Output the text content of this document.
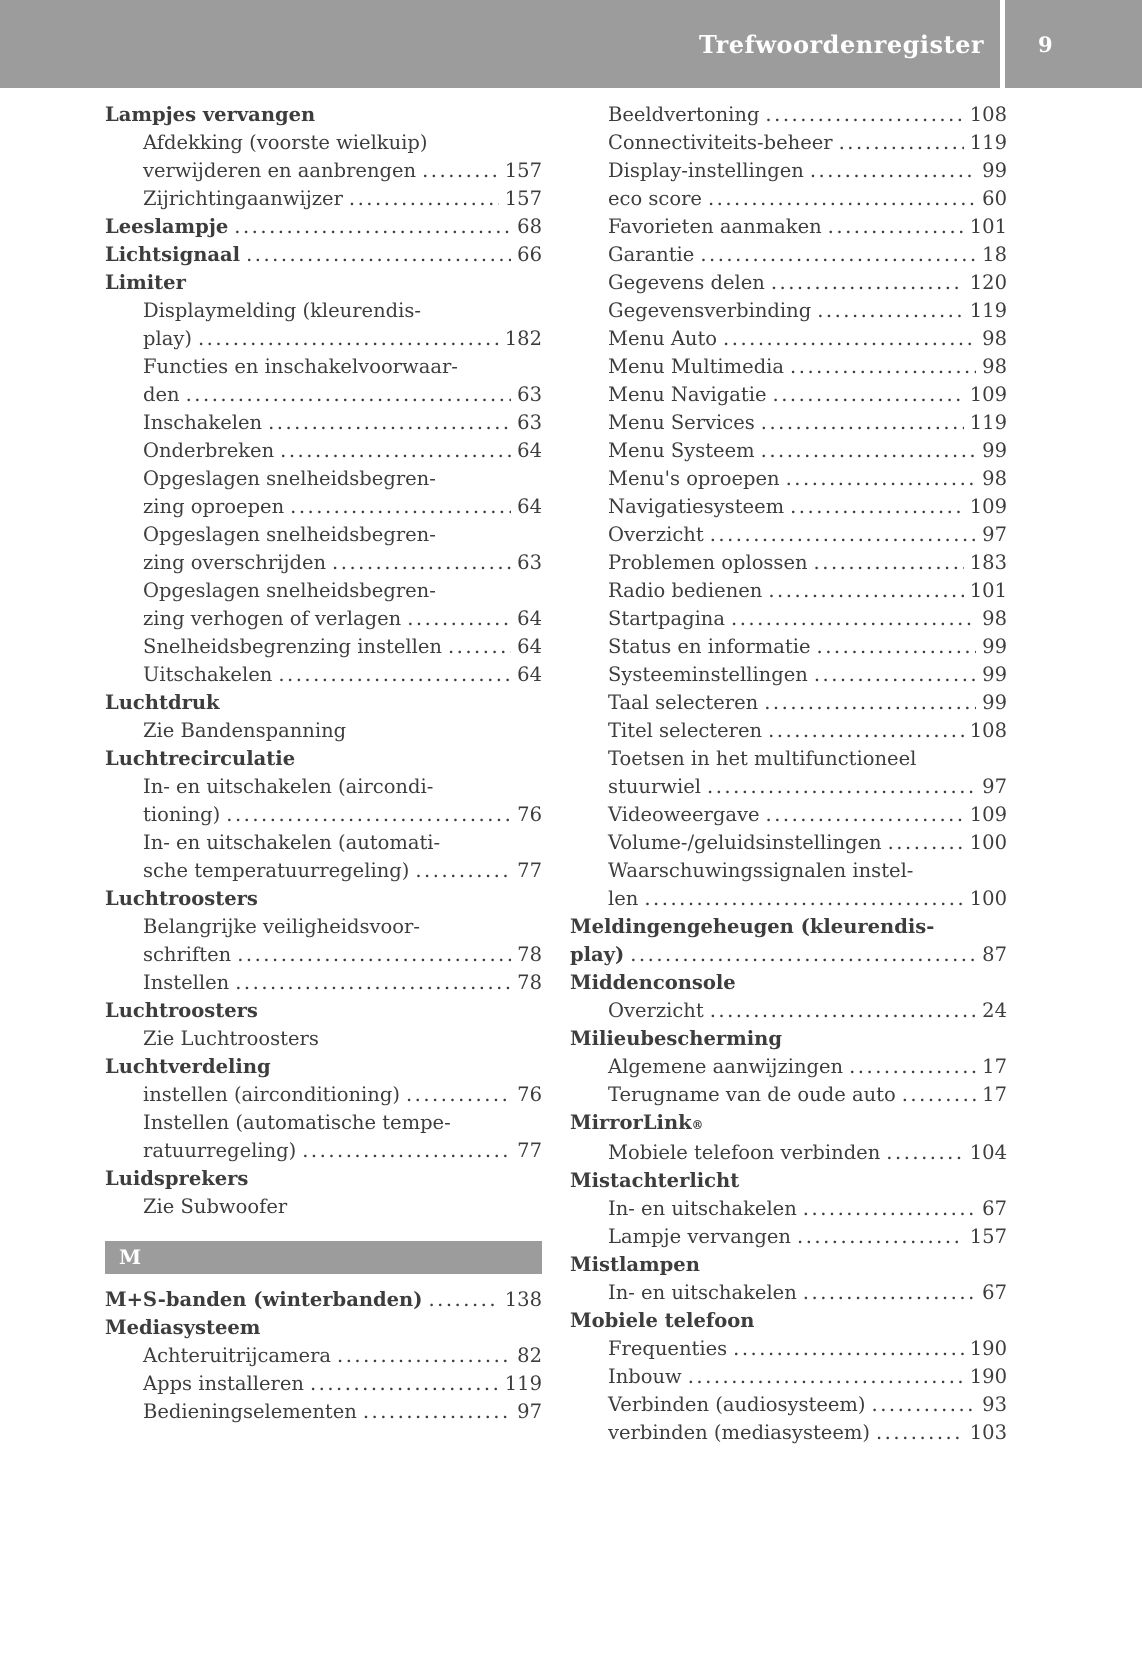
Trefwoordenregister	9
Lampjes vervangen
Afdekking (voorste wielkuip)
verwijderen en aanbrengen .....	157
Zijrichtingaanwijzer .....	157
Leeslampje .....	68
Lichtsignaal .....	66
Limiter
Displaymelding (kleurendis-
play) .....	182
Functies en inschakelvoorwaar-
den .....	63
Inschakelen .....	63
Onderbreken .....	64
Opgeslagen snelheidsbegren-
zing oproepen .....	64
Opgeslagen snelheidsbegren-
zing overschrijden .....	63
Opgeslagen snelheidsbegren-
zing verhogen of verlagen .....	64
Snelheidsbegrenzing instellen .....	64
Uitschakelen .....	64
Luchtdruk
Zie Bandenspanning
Luchtrecirculatie
In- en uitschakelen (aircondi-
tioning) .....	76
In- en uitschakelen (automati-
sche temperatuurregeling) .....	77
Luchtroosters
Belangrijke veiligheidsvoor-
schriften .....	78
Instellen .....	78
Luchtroosters
Zie Luchtroosters
Luchtverdeling
instellen (airconditioning) .....	76
Instellen (automatische tempe-
ratuurregeling) .....	77
Luidsprekers
Zie Subwoofer
M
M+S-banden (winterbanden) .....	138
Mediasysteem
Achteruitrijcamera .....	82
Apps installeren .....	119
Bedieningselementen .....	97
Beeldvertoning .....	108
Connectiviteits-beheer .....	119
Display-instellingen .....	99
eco score .....	60
Favorieten aanmaken .....	101
Garantie .....	18
Gegevens delen .....	120
Gegevensverbinding .....	119
Menu Auto .....	98
Menu Multimedia .....	98
Menu Navigatie .....	109
Menu Services .....	119
Menu Systeem .....	99
Menu's oproepen .....	98
Navigatiesysteem .....	109
Overzicht .....	97
Problemen oplossen .....	183
Radio bedienen .....	101
Startpagina .....	98
Status en informatie .....	99
Systeeminstellingen .....	99
Taal selecteren .....	99
Titel selecteren .....	108
Toetsen in het multifunctioneel
stuurwiel .....	97
Videoweergave .....	109
Volume-/geluidsinstellingen .....	100
Waarschuwingssignalen instel-
len .....	100
Meldingengeheugen (kleurendis-
play) .....	87
Middenconsole
Overzicht .....	24
Milieubescherming
Algemene aanwijzingen .....	17
Terugname van de oude auto .....	17
MirrorLink ®
Mobiele telefoon verbinden .....	104
Mistachterlicht
In- en uitschakelen .....	67
Lampje vervangen .....	157
Mistlampen
In- en uitschakelen .....	67
Mobiele telefoon
Frequenties .....	190
Inbouw .....	190
Verbinden (audiosysteem) .....	93
verbinden (mediasysteem) .....	103
